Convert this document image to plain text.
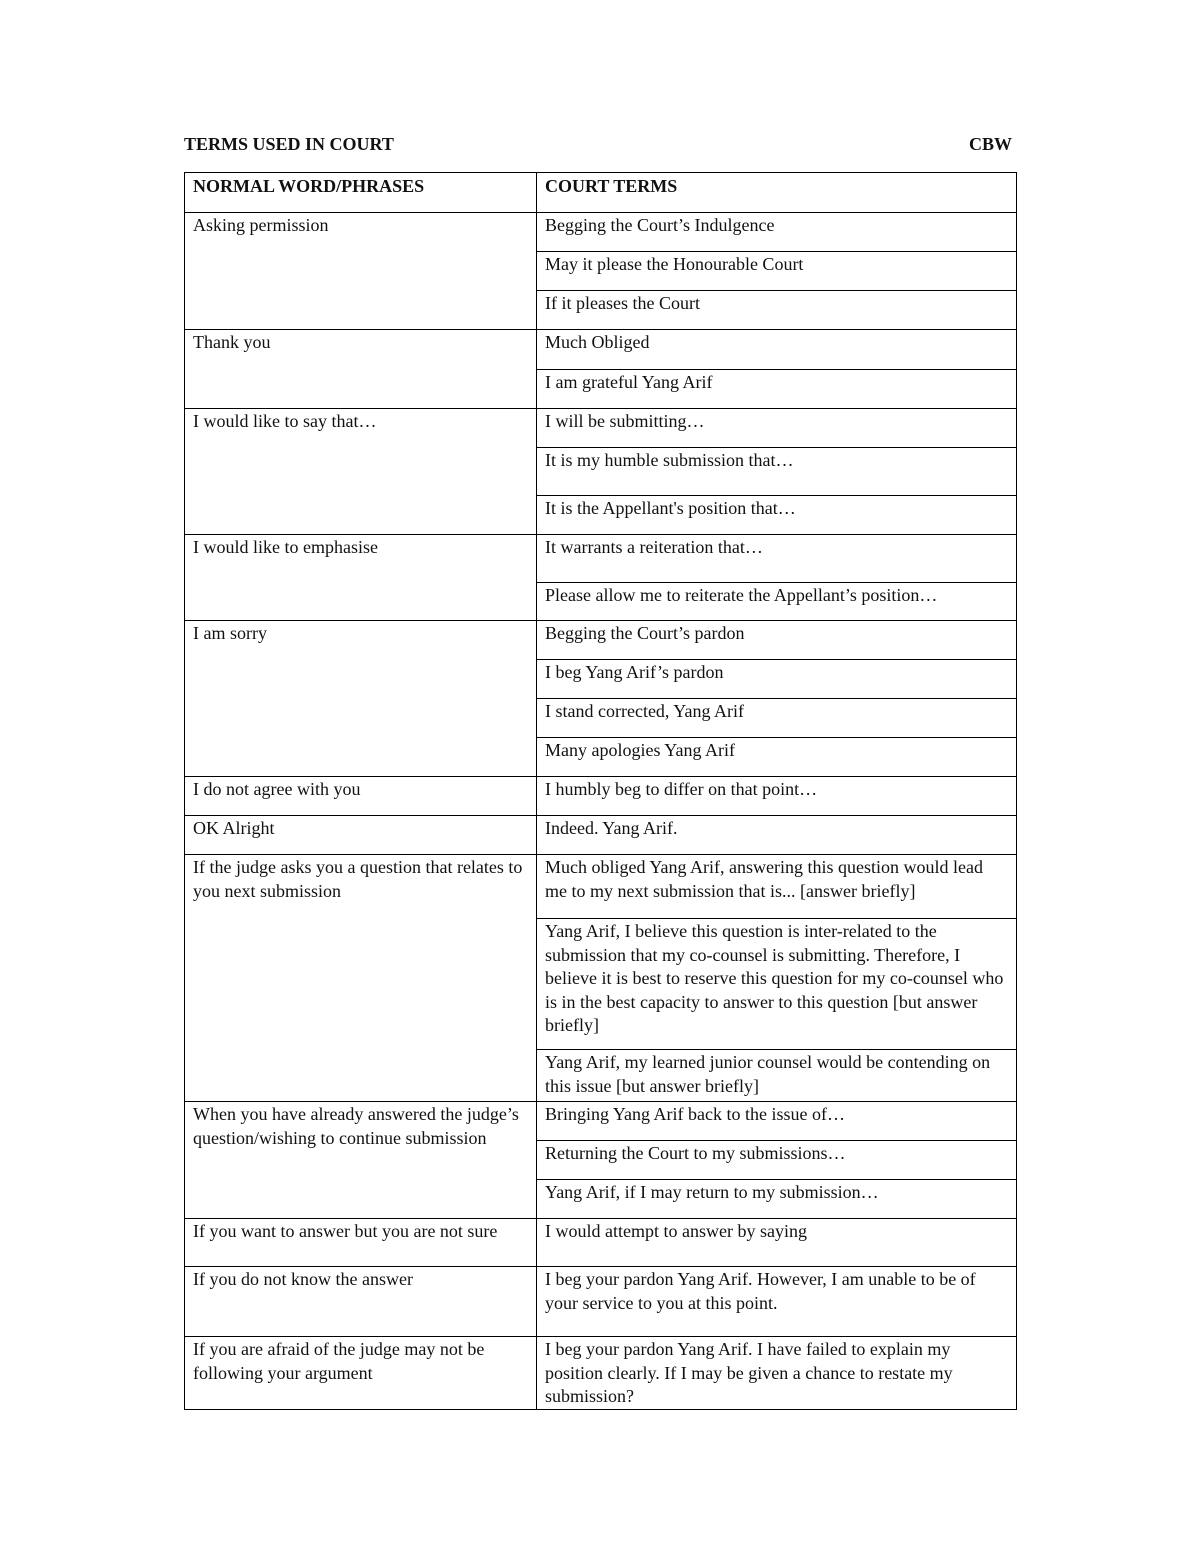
TERMS USED IN COURT	CBW
NORMAL WORD/PHRASES	COURT TERMS
Asking permission	Begging the Court’s Indulgence
	May it please the Honourable Court
	If it pleases the Court
Thank you	Much Obliged
	I am grateful Yang Arif
I would like to say that…	I will be submitting…
	It is my humble submission that…
	It is the Appellant's position that…
I would like to emphasise	It warrants a reiteration that…
	Please allow me to reiterate the Appellant’s position…
I am sorry	Begging the Court’s pardon
	I beg Yang Arif’s pardon
	I stand corrected, Yang Arif
	Many apologies Yang Arif
I do not agree with you	I humbly beg to differ on that point…
OK Alright	Indeed. Yang Arif.
If the judge asks you a question that relates to you next submission	Much obliged Yang Arif, answering this question would lead me to my next submission that is... [answer briefly]
	Yang Arif, I believe this question is inter-related to the submission that my co-counsel is submitting. Therefore, I believe it is best to reserve this question for my co-counsel who is in the best capacity to answer to this question [but answer briefly]
	Yang Arif, my learned junior counsel would be contending on this issue [but answer briefly]
When you have already answered the judge’s question/wishing to continue submission	Bringing Yang Arif back to the issue of…
	Returning the Court to my submissions…
	Yang Arif, if I may return to my submission…
If you want to answer but you are not sure	I would attempt to answer by saying
If you do not know the answer	I beg your pardon Yang Arif. However, I am unable to be of your service to you at this point.
If you are afraid of the judge may not be following your argument	I beg your pardon Yang Arif. I have failed to explain my position clearly. If I may be given a chance to restate my submission?
